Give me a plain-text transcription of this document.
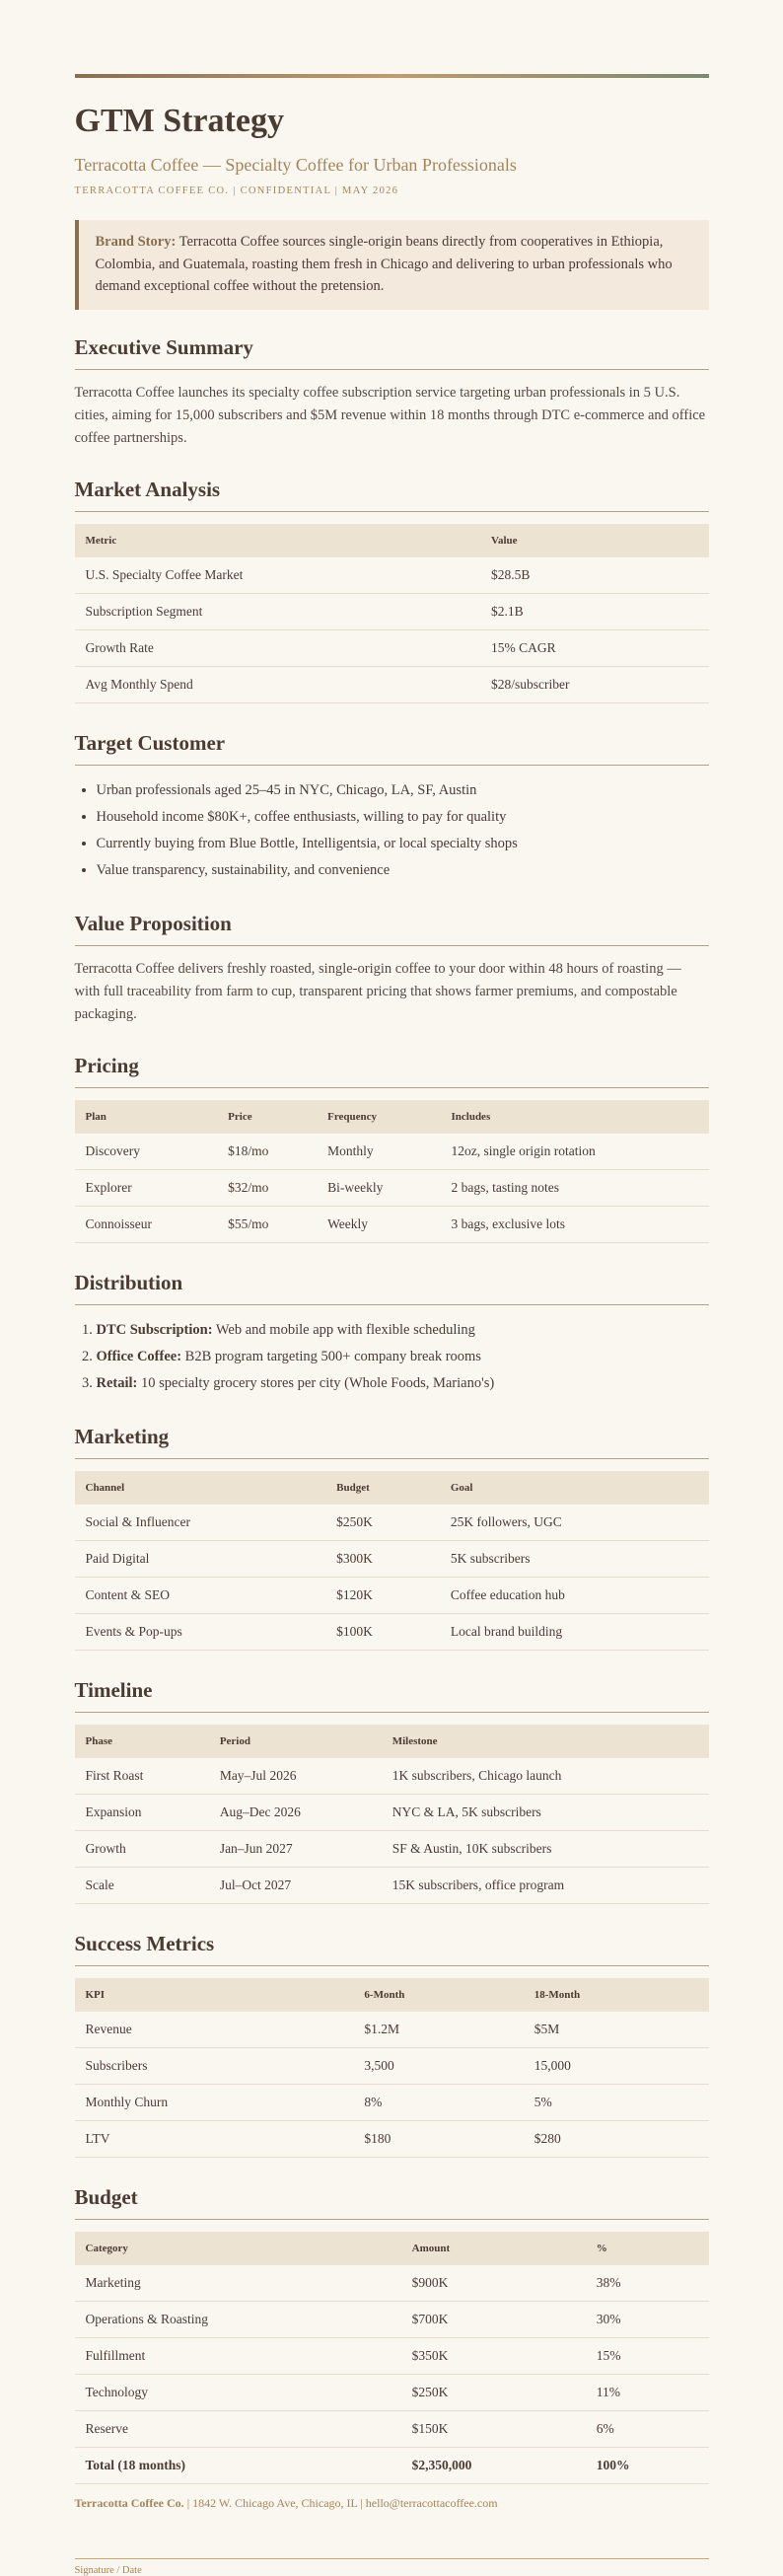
GTM Strategy
Terracotta Coffee — Specialty Coffee for Urban Professionals
TERRACOTTA COFFEE CO. | CONFIDENTIAL | MAY 2026
Brand Story: Terracotta Coffee sources single-origin beans directly from cooperatives in Ethiopia, Colombia, and Guatemala, roasting them fresh in Chicago and delivering to urban professionals who demand exceptional coffee without the pretension.
Executive Summary

Terracotta Coffee launches its specialty coffee subscription service targeting urban professionals in 5 U.S. cities, aiming for 15,000 subscribers and $5M revenue within 18 months through DTC e-commerce and office coffee partnerships.

Market Analysis
Metric	Value
U.S. Specialty Coffee Market	$28.5B
Subscription Segment	$2.1B
Growth Rate	15% CAGR
Avg Monthly Spend	$28/subscriber
Target Customer
• Urban professionals aged 25–45 in NYC, Chicago, LA, SF, Austin
• Household income $80K+, coffee enthusiasts, willing to pay for quality
• Currently buying from Blue Bottle, Intelligentsia, or local specialty shops
• Value transparency, sustainability, and convenience
Value Proposition

Terracotta Coffee delivers freshly roasted, single-origin coffee to your door within 48 hours of roasting — with full traceability from farm to cup, transparent pricing that shows farmer premiums, and compostable packaging.

Pricing
Plan	Price	Frequency	Includes
Discovery	$18/mo	Monthly	12oz, single origin rotation
Explorer	$32/mo	Bi-weekly	2 bags, tasting notes
Connoisseur	$55/mo	Weekly	3 bags, exclusive lots
Distribution
1. DTC Subscription: Web and mobile app with flexible scheduling
2. Office Coffee: B2B program targeting 500+ company break rooms
3. Retail: 10 specialty grocery stores per city (Whole Foods, Mariano's)
Marketing
Channel	Budget	Goal
Social & Influencer	$250K	25K followers, UGC
Paid Digital	$300K	5K subscribers
Content & SEO	$120K	Coffee education hub
Events & Pop-ups	$100K	Local brand building
Timeline
Phase	Period	Milestone
First Roast	May–Jul 2026	1K subscribers, Chicago launch
Expansion	Aug–Dec 2026	NYC & LA, 5K subscribers
Growth	Jan–Jun 2027	SF & Austin, 10K subscribers
Scale	Jul–Oct 2027	15K subscribers, office program
Success Metrics
KPI	6-Month	18-Month
Revenue	$1.2M	$5M
Subscribers	3,500	15,000
Monthly Churn	8%	5%
LTV	$180	$280
Budget
Category	Amount	%
Marketing	$900K	38%
Operations & Roasting	$700K	30%
Fulfillment	$350K	15%
Technology	$250K	11%
Reserve	$150K	6%
Total (18 months)	$2,350,000	100%
Terracotta Coffee Co. | 1842 W. Chicago Ave, Chicago, IL | hello@terracottacoffee.com
Signature / Date
